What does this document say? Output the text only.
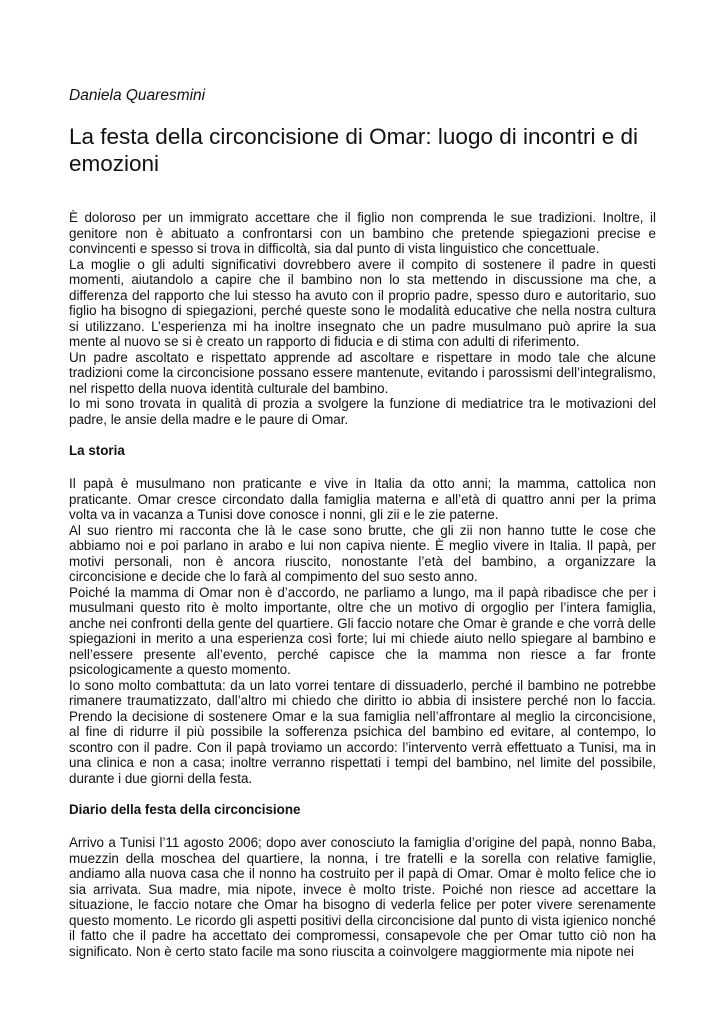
Daniela Quaresmini
La festa della circoncisione di Omar: luogo di incontri e di emozioni

È doloroso per un immigrato accettare che il figlio non comprenda le sue tradizioni. Inoltre, il genitore non è abituato a confrontarsi con un bambino che pretende spiegazioni precise e convincenti e spesso si trova in difficoltà, sia dal punto di vista linguistico che concettuale.

La moglie o gli adulti significativi dovrebbero avere il compito di sostenere il padre in questi momenti, aiutandolo a capire che il bambino non lo sta mettendo in discussione ma che, a differenza del rapporto che lui stesso ha avuto con il proprio padre, spesso duro e autoritario, suo figlio ha bisogno di spiegazioni, perché queste sono le modalità educative che nella nostra cultura si utilizzano. L’esperienza mi ha inoltre insegnato che un padre musulmano può aprire la sua mente al nuovo se si è creato un rapporto di fiducia e di stima con adulti di riferimento.

Un padre ascoltato e rispettato apprende ad ascoltare e rispettare in modo tale che alcune tradizioni come la circoncisione possano essere mantenute, evitando i parossismi dell’integralismo, nel rispetto della nuova identità culturale del bambino.

Io mi sono trovata in qualità di prozia a svolgere la funzione di mediatrice tra le motivazioni del padre, le ansie della madre e le paure di Omar.

La storia

Il papà è musulmano non praticante e vive in Italia da otto anni; la mamma, cattolica non praticante. Omar cresce circondato dalla famiglia materna e all’età di quattro anni per la prima volta va in vacanza a Tunisi dove conosce i nonni, gli zii e le zie paterne.

Al suo rientro mi racconta che là le case sono brutte, che gli zii non hanno tutte le cose che abbiamo noi e poi parlano in arabo e lui non capiva niente. È meglio vivere in Italia. Il papà, per motivi personali, non è ancora riuscito, nonostante l’età del bambino, a organizzare la circoncisione e decide che lo farà al compimento del suo sesto anno.

Poiché la mamma di Omar non è d’accordo, ne parliamo a lungo, ma il papà ribadisce che per i musulmani questo rito è molto importante, oltre che un motivo di orgoglio per l’intera famiglia, anche nei confronti della gente del quartiere. Gli faccio notare che Omar è grande e che vorrà delle spiegazioni in merito a una esperienza così forte; lui mi chiede aiuto nello spiegare al bambino e nell’essere presente all’evento, perché capisce che la mamma non riesce a far fronte psicologicamente a questo momento.

Io sono molto combattuta: da un lato vorrei tentare di dissuaderlo, perché il bambino ne potrebbe rimanere traumatizzato, dall’altro mi chiedo che diritto io abbia di insistere perché non lo faccia. Prendo la decisione di sostenere Omar e la sua famiglia nell’affrontare al meglio la circoncisione, al fine di ridurre il più possibile la sofferenza psichica del bambino ed evitare, al contempo, lo scontro con il padre. Con il papà troviamo un accordo: l’intervento verrà effettuato a Tunisi, ma in una clinica e non a casa; inoltre verranno rispettati i tempi del bambino, nel limite del possibile, durante i due giorni della festa.

Diario della festa della circoncisione

Arrivo a Tunisi l’11 agosto 2006; dopo aver conosciuto la famiglia d’origine del papà, nonno Baba, muezzin della moschea del quartiere, la nonna, i tre fratelli e la sorella con relative famiglie, andiamo alla nuova casa che il nonno ha costruito per il papà di Omar. Omar è molto felice che io sia arrivata. Sua madre, mia nipote, invece è molto triste. Poiché non riesce ad accettare la situazione, le faccio notare che Omar ha bisogno di vederla felice per poter vivere serenamente questo momento. Le ricordo gli aspetti positivi della circoncisione dal punto di vista igienico nonché il fatto che il padre ha accettato dei compromessi, consapevole che per Omar tutto ciò non ha significato. Non è certo stato facile ma sono riuscita a coinvolgere maggiormente mia nipote nei
